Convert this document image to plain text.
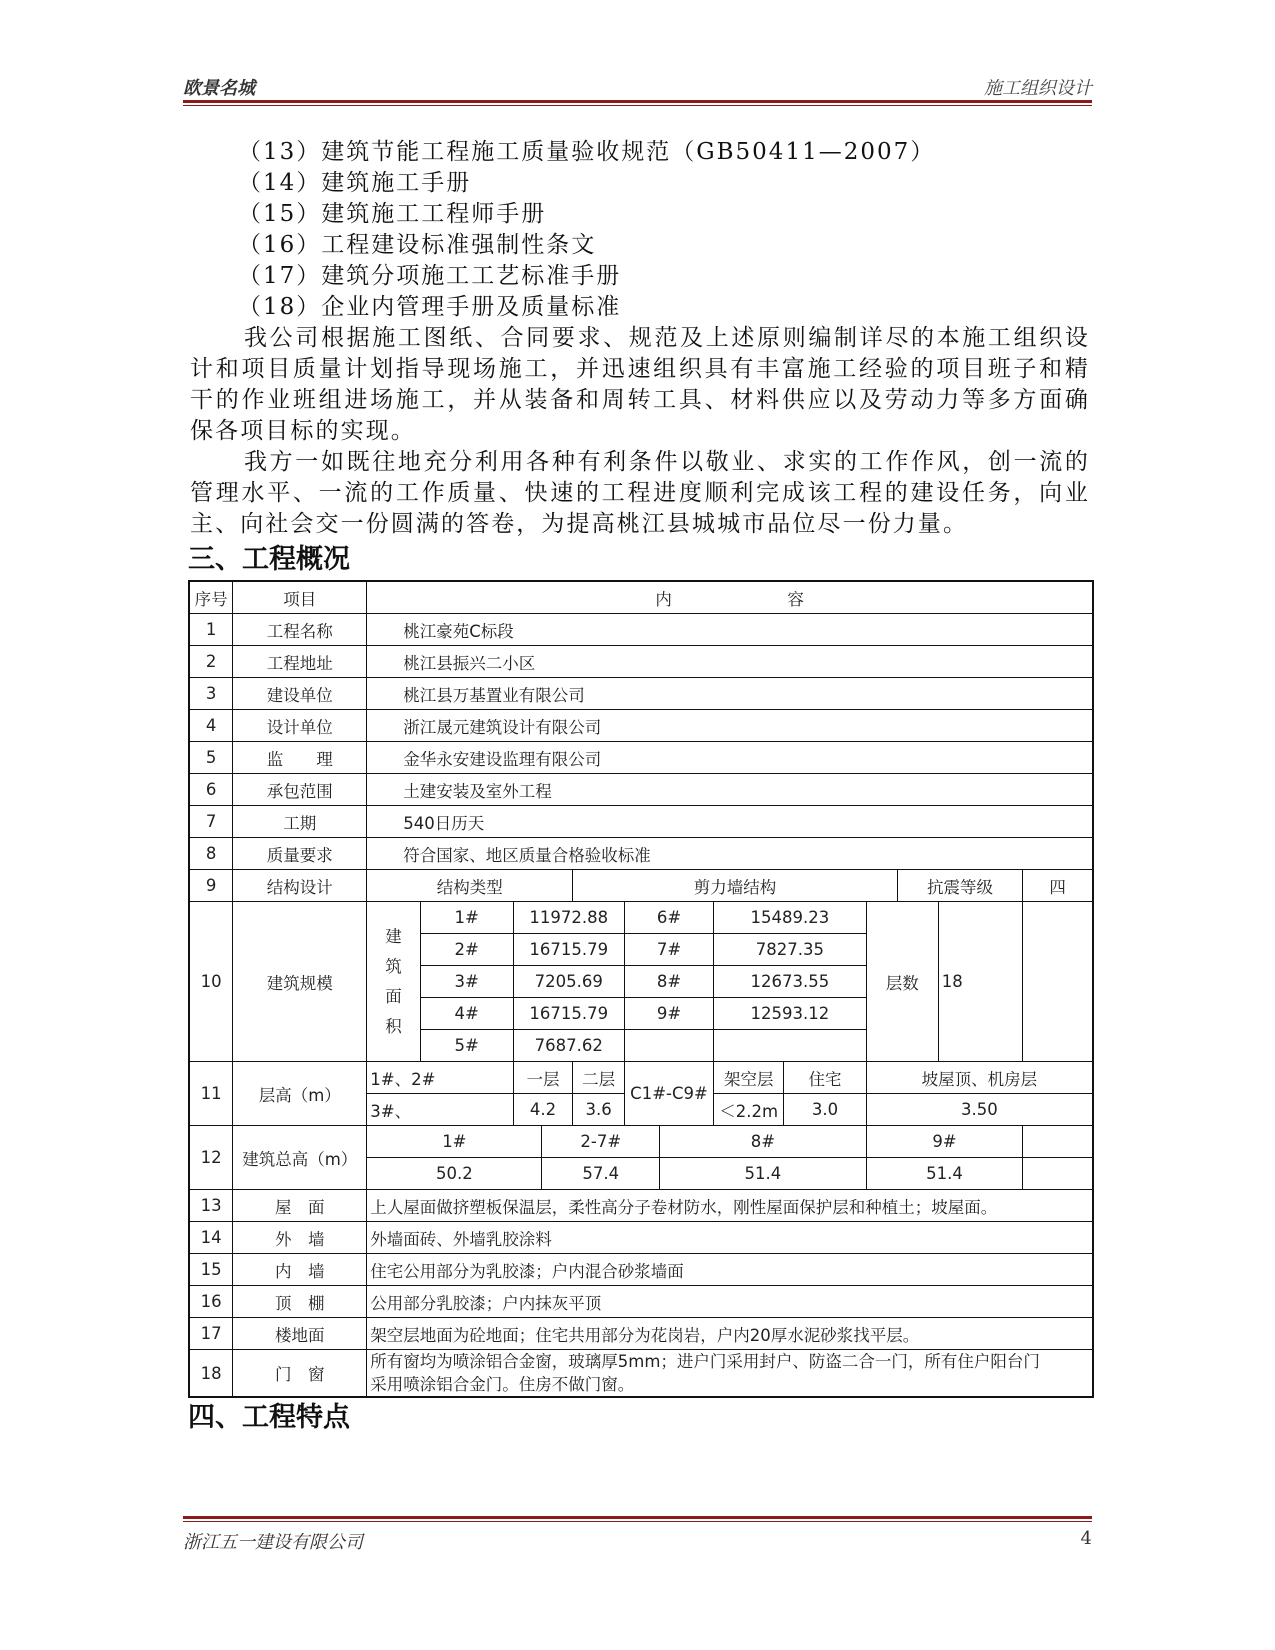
欧景名城	施工组织设计
（13）建筑节能工程施工质量验收规范（GB50411—2007）
（14）建筑施工手册
（15）建筑施工工程师手册
（16）工程建设标准强制性条文
（17）建筑分项施工工艺标准手册
（18）企业内管理手册及质量标准

我公司根据施工图纸、合同要求、规范及上述原则编制详尽的本施工组织设计和项目质量计划指导现场施工，并迅速组织具有丰富施工经验的项目班子和精干的作业班组进场施工，并从装备和周转工具、材料供应以及劳动力等多方面确保各项目标的实现。

我方一如既往地充分利用各种有利条件以敬业、求实的工作作风，创一流的管理水平、一流的工作质量、快速的工程进度顺利完成该工程的建设任务，向业主、向社会交一份圆满的答卷，为提高桃江县城城市品位尽一份力量。

三、工程概况
序号	项目	内　　　　　　　容												
1	工程名称	桃江豪苑C标段												
2	工程地址	桃江县振兴二小区												
3	建设单位	桃江县万基置业有限公司												
4	设计单位	浙江晟元建筑设计有限公司												
5	监　　理	金华永安建设监理有限公司												
6	承包范围	土建安装及室外工程												
7	工期	540日历天												
8	质量要求	符合国家、地区质量合格验收标准												
9	结构设计	结构类型				剪力墙结构						抗震等级		四
10	建筑规模	建
筑
面
积	1#	11972.88			6#		15489.23		层数		18	
			2#	16715.79			7#		7827.35					
			3#	7205.69			8#		12673.55					
			4#	16715.79			9#		12593.12					
			5#	7687.62										
11	层高（m）	1#、2#		一层		二层	C1#-C9#		架空层	住宅	坡屋顶、机房层			
		3#、		4.2		3.6			＜2.2m	3.0	3.50			
12	建筑总高（m）	1#			2-7#			8#			9#			
		50.2			57.4			51.4			51.4			
13	屋　面	上人屋面做挤塑板保温层，柔性高分子卷材防水，刚性屋面保护层和种植土；坡屋面。												
14	外　墙	外墙面砖、外墙乳胶涂料												
15	内　墙	住宅公用部分为乳胶漆；户内混合砂浆墙面												
16	顶　棚	公用部分乳胶漆；户内抹灰平顶												
17	楼地面	架空层地面为砼地面；住宅共用部分为花岗岩，户内20厚水泥砂浆找平层。												
18	门　窗	所有窗均为喷涂铝合金窗，玻璃厚5mm；进户门采用封户、防盗二合一门，所有住户阳台门
采用喷涂铝合金门。住房不做门窗。												
四、工程特点
浙江五一建设有限公司	4
